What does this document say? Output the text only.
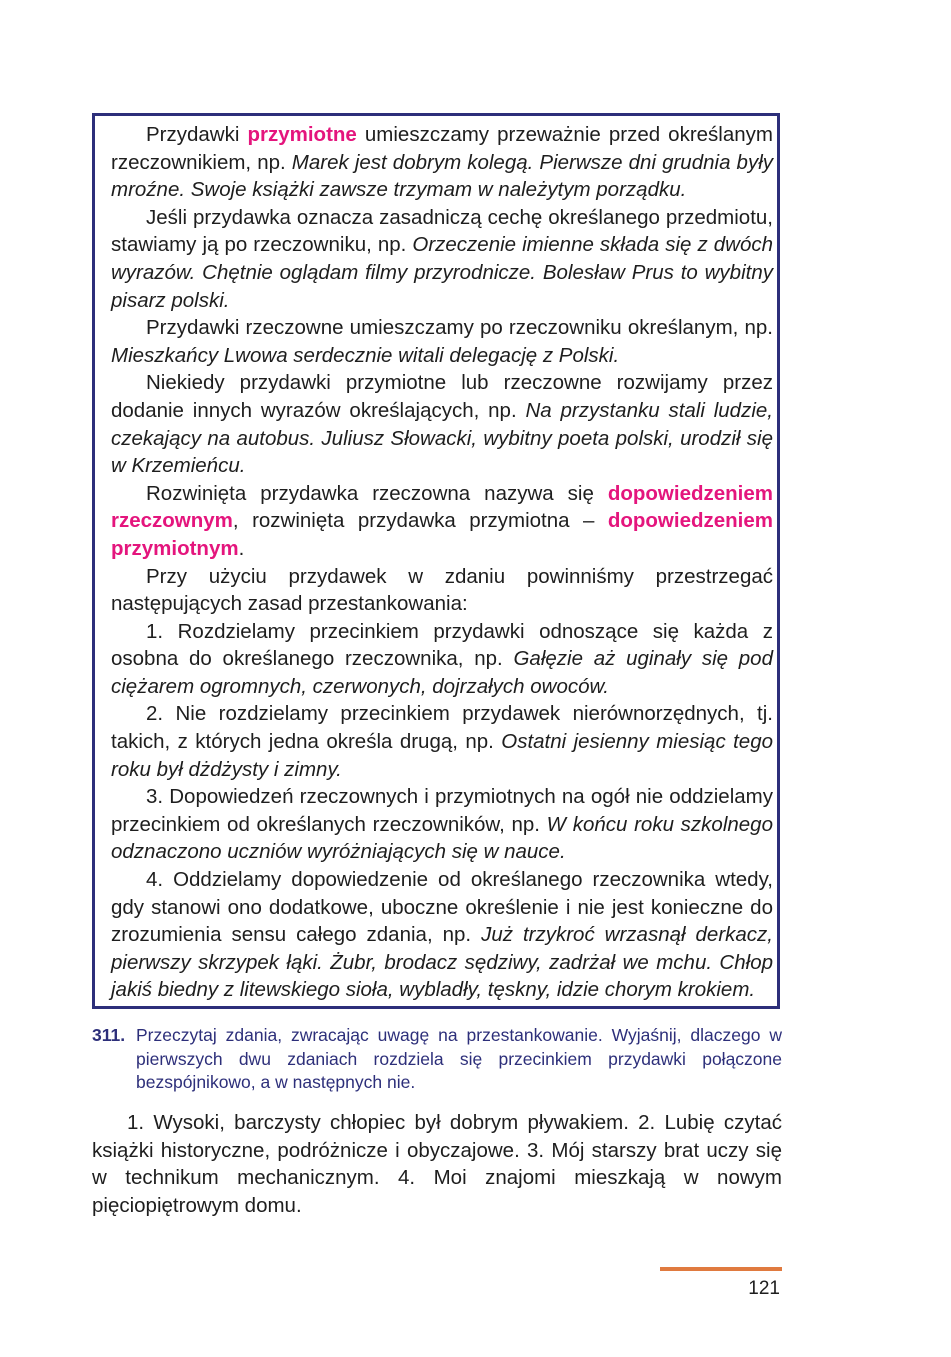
Przydawki przymiotne umieszczamy przeważnie przed określanym rzeczownikiem, np. Marek jest dobrym kolegą. Pierwsze dni grudnia były mroźne. Swoje książki zawsze trzymam w należytym porządku.

Jeśli przydawka oznacza zasadniczą cechę określanego przedmiotu, stawiamy ją po rzeczowniku, np. Orzeczenie imienne składa się z dwóch wyrazów. Chętnie oglądam filmy przyrodnicze. Bolesław Prus to wybitny pisarz polski.

Przydawki rzeczowne umieszczamy po rzeczowniku określanym, np. Mieszkańcy Lwowa serdecznie witali delegację z Polski.

Niekiedy przydawki przymiotne lub rzeczowne rozwijamy przez dodanie innych wyrazów określających, np. Na przystanku stali ludzie, czekający na autobus. Juliusz Słowacki, wybitny poeta polski, urodził się w Krzemieńcu.

Rozwinięta przydawka rzeczowna nazywa się dopowiedzeniem rzeczownym, rozwinięta przydawka przymiotna – dopowiedzeniem przymiotnym.

Przy użyciu przydawek w zdaniu powinniśmy przestrzegać następujących zasad przestankowania:

1. Rozdzielamy przecinkiem przydawki odnoszące się każda z osobna do określanego rzeczownika, np. Gałęzie aż uginały się pod ciężarem ogromnych, czerwonych, dojrzałych owoców.

2. Nie rozdzielamy przecinkiem przydawek nierównorzędnych, tj. takich, z których jedna określa drugą, np. Ostatni jesienny miesiąc tego roku był dżdżysty i zimny.

3. Dopowiedzeń rzeczownych i przymiotnych na ogół nie oddzielamy przecinkiem od określanych rzeczowników, np. W końcu roku szkolnego odznaczono uczniów wyróżniających się w nauce.

4. Oddzielamy dopowiedzenie od określanego rzeczownika wtedy, gdy stanowi ono dodatkowe, uboczne określenie i nie jest konieczne do zrozumienia sensu całego zdania, np. Już trzykroć wrzasnął derkacz, pierwszy skrzypek łąki. Żubr, brodacz sędziwy, zadrżał we mchu. Chłop jakiś biedny z litewskiego sioła, wybladły, tęskny, idzie chorym krokiem.

311. Przeczytaj zdania, zwracając uwagę na przestankowanie. Wyjaśnij, dlaczego w pierwszych dwu zdaniach rozdziela się przecinkiem przydawki połączone bezspójnikowo, a w następnych nie.

1. Wysoki, barczysty chłopiec był dobrym pływakiem. 2. Lubię czytać książki historyczne, podróżnicze i obyczajowe. 3. Mój starszy brat uczy się w technikum mechanicznym. 4. Moi znajomi mieszkają w nowym pięciopiętrowym domu.

121
